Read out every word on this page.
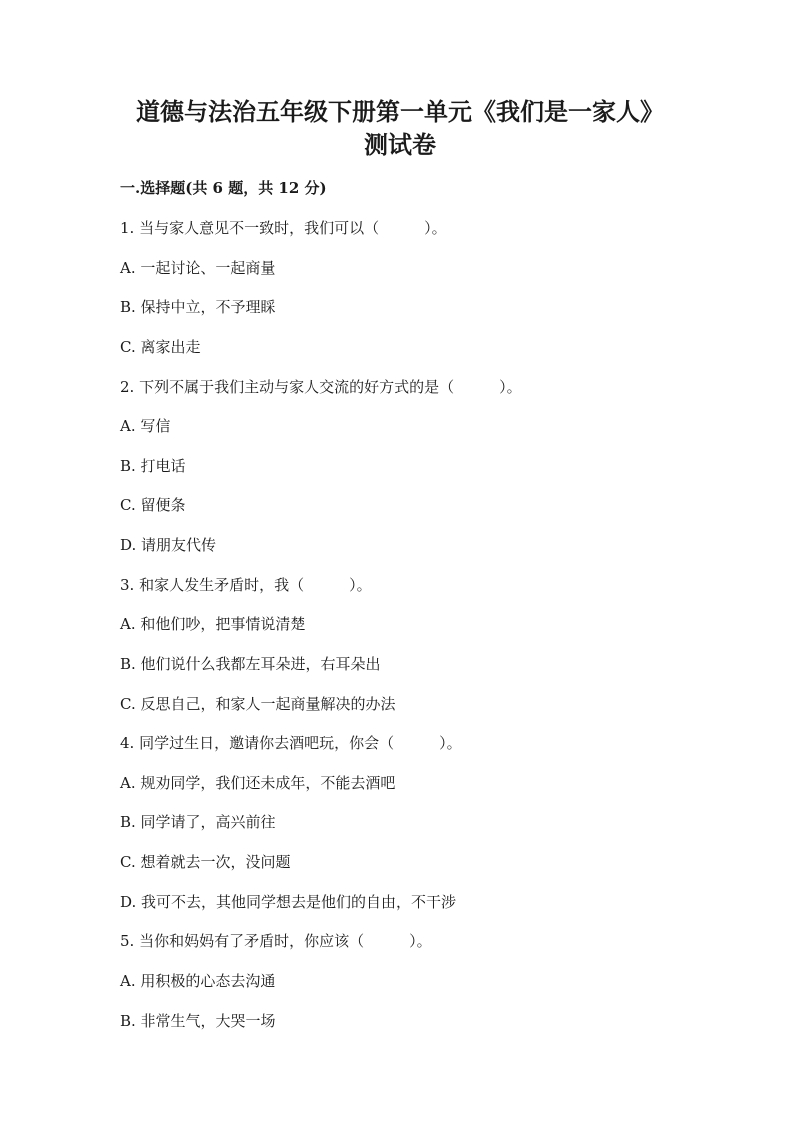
道德与法治五年级下册第一单元《我们是一家人》
测试卷
一.选择题(共 6 题，共 12 分)
1. 当与家人意见不一致时，我们可以（　　　）。
A. 一起讨论、一起商量
B. 保持中立，不予理睬
C. 离家出走
2. 下列不属于我们主动与家人交流的好方式的是（　　　）。
A. 写信
B. 打电话
C. 留便条
D. 请朋友代传
3. 和家人发生矛盾时，我（　　　）。
A. 和他们吵，把事情说清楚
B. 他们说什么我都左耳朵进，右耳朵出
C. 反思自己，和家人一起商量解决的办法
4. 同学过生日，邀请你去酒吧玩，你会（　　　）。
A. 规劝同学，我们还未成年，不能去酒吧
B. 同学请了，高兴前往
C. 想着就去一次，没问题
D. 我可不去，其他同学想去是他们的自由，不干涉
5. 当你和妈妈有了矛盾时，你应该（　　　）。
A. 用积极的心态去沟通
B. 非常生气，大哭一场
